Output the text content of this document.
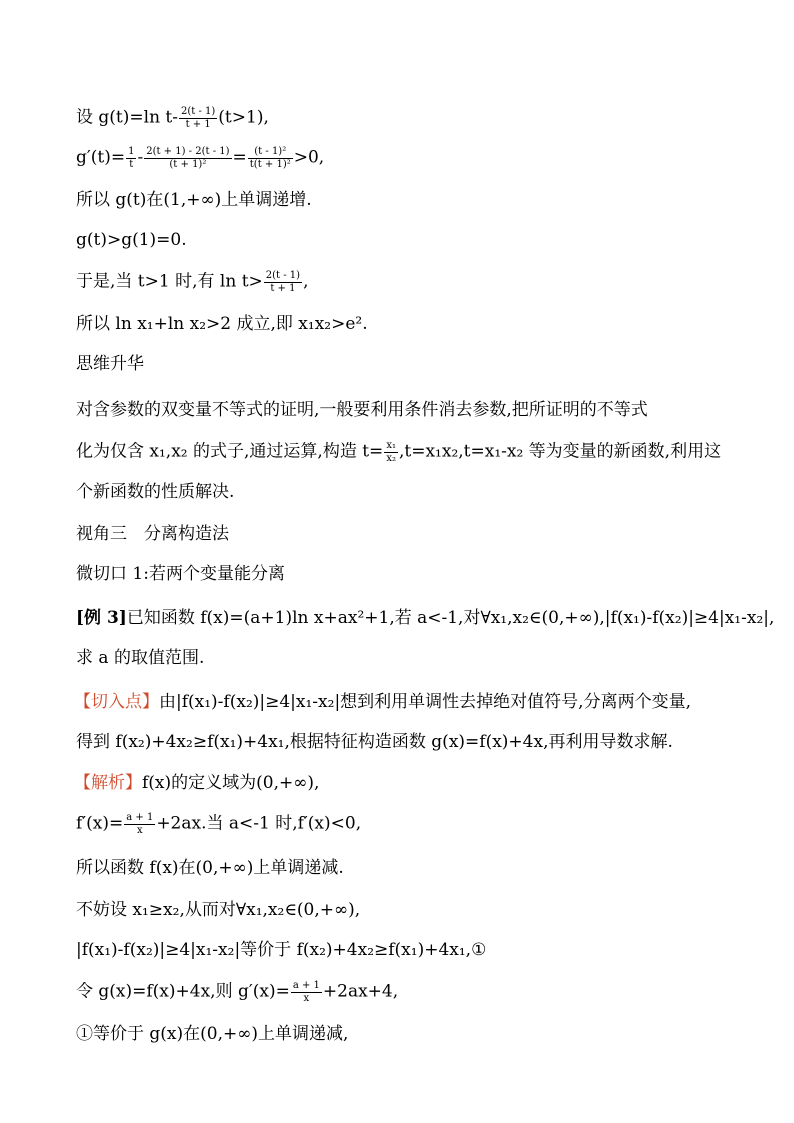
设 g(t)=ln $t- \frac{2(t - 1)}{t + 1} (t>1)$,
$g'(t)= \frac{1}{t} - \frac{2(t + 1) - 2(t - 1)}{\text{(t + 1)²}} = \frac{\text{(t - 1)²}}{\text{t(t + 1)²}} >0$,
所以 g(t)在(1,+∞)上单调递增.
g(t)>g(1)=0.
于是,当 t>1 时,有 $\ln t> \frac{2(t - 1)}{t + 1}$ ,
所以 ln x₁+ln x₂>2 成立,即 x₁x₂>e².
思维升华
对含参数的双变量不等式的证明,一般要利用条件消去参数,把所证明的不等式
化为仅含 x₁,x₂ 的式子,通过运算,构造 $t= \frac{\text{x₁}}{\text{x₂}} ,t=x_1x_2,t=x_1-x_2$ 等为变量的新函数,利用这
个新函数的性质解决.
视角三　分离构造法
微切口 1:若两个变量能分离
[例 3]已知函数 f(x)=(a+1)ln x+ax²+1,若 a<-1,对∀x₁,x₂∈(0,+∞),|f(x₁)-f(x₂)|≥4|x₁-x₂|,
求 a 的取值范围.
【切入点】由|f(x₁)-f(x₂)|≥4|x₁-x₂|想到利用单调性去掉绝对值符号,分离两个变量,
得到 f(x₂)+4x₂≥f(x₁)+4x₁,根据特征构造函数 g(x)=f(x)+4x,再利用导数求解.
【解析】f(x)的定义域为(0,+∞),
$f'(x)= \frac{a + 1}{x} +2ax$.当 a<-1 时,f′(x)<0,
所以函数 f(x)在(0,+∞)上单调递减.
不妨设 x₁≥x₂,从而对∀x₁,x₂∈(0,+∞),
|f(x₁)-f(x₂)|≥4|x₁-x₂|等价于 f(x₂)+4x₂≥f(x₁)+4x₁,①
令 g(x)=f(x)+4x,则 $g'(x)= \frac{a + 1}{x} +2ax+4$,
①等价于 g(x)在(0,+∞)上单调递减,
